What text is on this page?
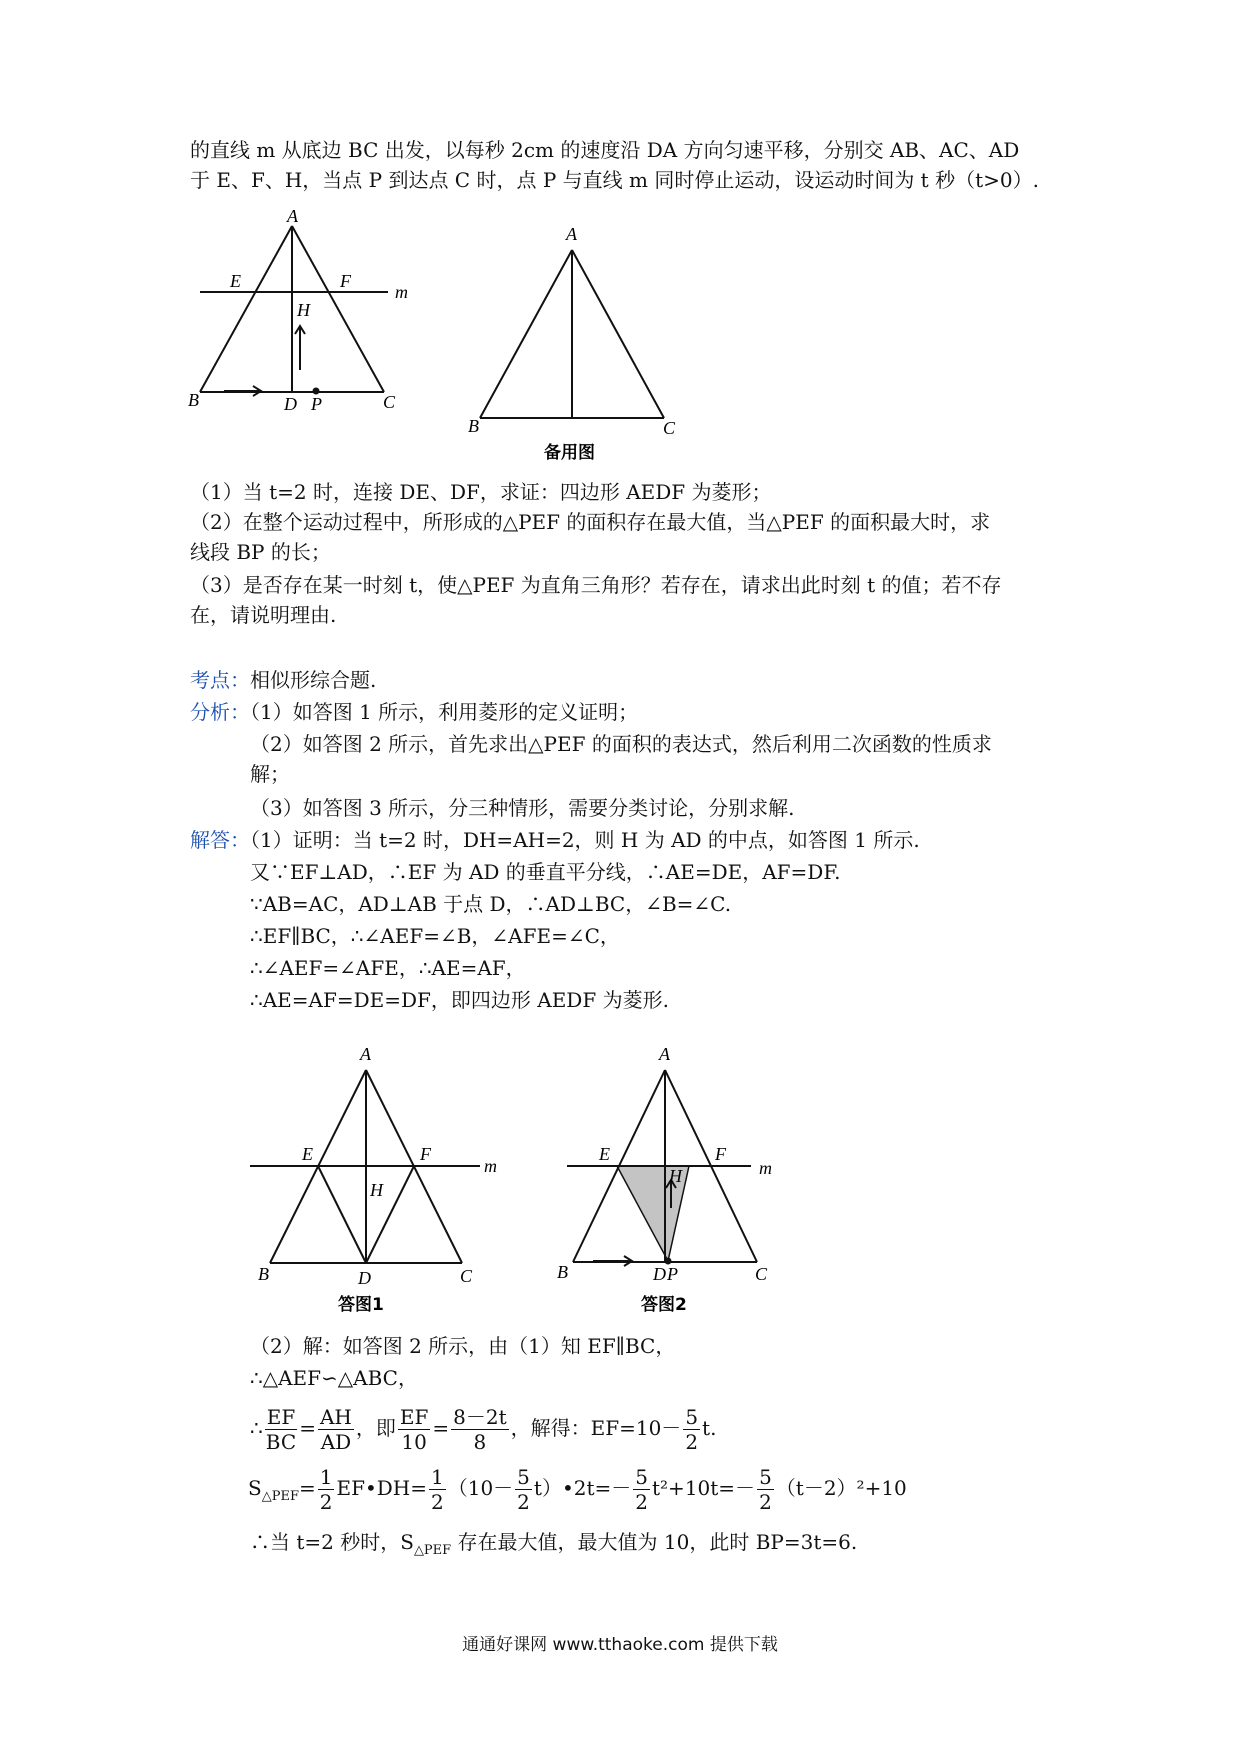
的直线 m 从底边 BC 出发，以每秒 2cm 的速度沿 DA 方向匀速平移，分别交 AB、AC、AD
于 E、F、H，当点 P 到达点 C 时，点 P 与直线 m 同时停止运动，设运动时间为 t 秒（t>0）.
A
B	C
D P
E	F
H
m
A
B	C
备用图
（1）当 t=2 时，连接 DE、DF，求证：四边形 AEDF 为菱形；
（2）在整个运动过程中，所形成的△PEF 的面积存在最大值，当△PEF 的面积最大时，求
线段 BP 的长；
（3）是否存在某一时刻 t，使△PEF 为直角三角形？若存在，请求出此时刻 t 的值；若不存
在，请说明理由.
考点：相似形综合题.
分析：（1）如答图 1 所示，利用菱形的定义证明；
（2）如答图 2 所示，首先求出△PEF 的面积的表达式，然后利用二次函数的性质求
解；
（3）如答图 3 所示，分三种情形，需要分类讨论，分别求解.
解答：（1）证明：当 t=2 时，DH=AH=2，则 H 为 AD 的中点，如答图 1 所示.
又∵EF⊥AD，∴EF 为 AD 的垂直平分线，∴AE=DE，AF=DF.
∵AB=AC，AD⊥AB 于点 D，∴AD⊥BC，∠B=∠C.
∴EF∥BC，∴∠AEF=∠B，∠AFE=∠C，
∴∠AEF=∠AFE，∴AE=AF，
∴AE=AF=DE=DF，即四边形 AEDF 为菱形.
A
B	C
D
E	F
H
m
答图1
A
B	C
D P
E	F
H	m
答图2
（2）解：如答图 2 所示，由（1）知 EF∥BC，
∴△AEF∽△ABC，
∴ $\frac{EF}{BC} = \frac{AH}{AD}$ ，即 $\frac{EF}{10} = \frac{8-2t}{8}$ ，解得：$EF=10- \frac{5}{2} t$.
$S_{\triangle PEF}= \frac{1}{2}$ EF•DH= $\frac{1}{2} (10- \frac{5}{2}$ t）•2t=－ $\frac{5}{2} t^2+10t=- \frac{5}{2} (t-2)^2+10$
∴当 t=2 秒时，$S_{\triangle PEF}$ 存在最大值，最大值为 10，此时 BP=3t=6.
通通好课网 www.tthaoke.com 提供下载
